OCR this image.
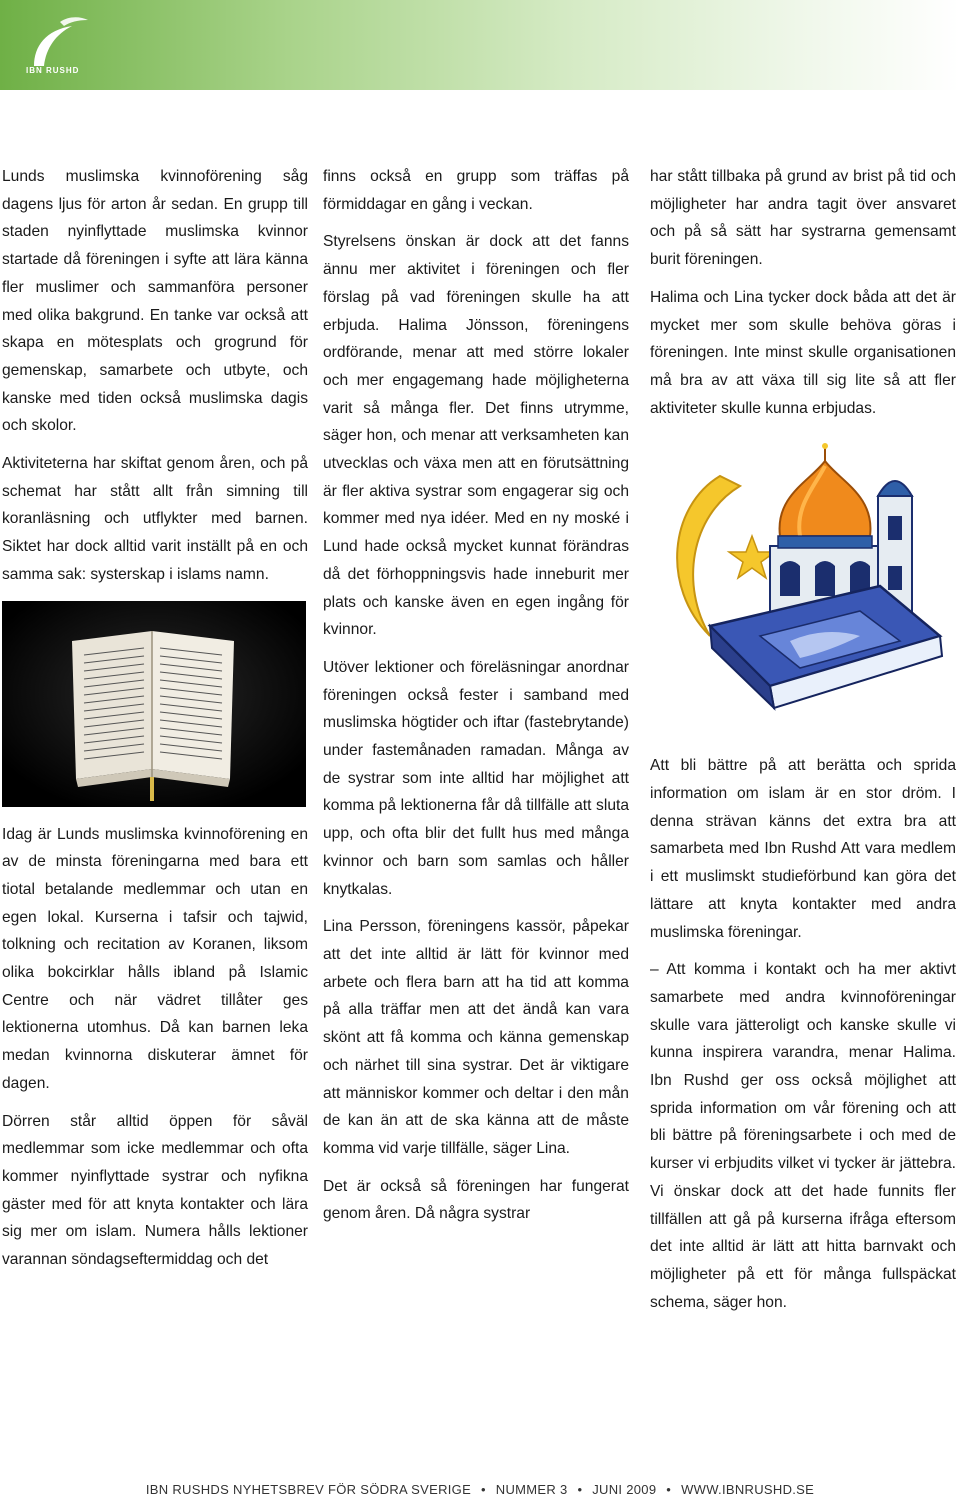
IBN RUSHD

Lunds muslimska kvinnoförening såg dagens ljus för arton år sedan. En grupp till staden nyinflyttade muslimska kvinnor startade då föreningen i syfte att lära känna fler muslimer och sammanföra personer med olika bakgrund. En tanke var också att skapa en mötesplats och grogrund för gemenskap, samarbete och utbyte, och kanske med tiden också muslimska dagis och skolor.

Aktiviteterna har skiftat genom åren, och på schemat har stått allt från simning till koranläsning och utflykter med barnen. Siktet har dock alltid varit inställt på en och samma sak: systerskap i islams namn.

Idag är Lunds muslimska kvinnoförening en av de minsta föreningarna med bara ett tiotal betalande medlemmar och utan en egen lokal. Kurserna i tafsir och tajwid, tolkning och recitation av Koranen, liksom olika bokcirklar hålls ibland på Islamic Centre och när vädret tillåter ges lektionerna utomhus. Då kan barnen leka medan kvinnorna diskuterar ämnet för dagen.

Dörren står alltid öppen för såväl medlemmar som icke medlemmar och ofta kommer nyinflyttade systrar och nyfikna gäster med för att knyta kontakter och lära sig mer om islam. Numera hålls lektioner varannan söndagseftermiddag och det

finns också en grupp som träffas på förmiddagar en gång i veckan.

Styrelsens önskan är dock att det fanns ännu mer aktivitet i föreningen och fler förslag på vad föreningen skulle ha att erbjuda. Halima Jönsson, föreningens ordförande, menar att med större lokaler och mer engagemang hade möjligheterna varit så många fler. Det finns utrymme, säger hon, och menar att verksamheten kan utvecklas och växa men att en förutsättning är fler aktiva systrar som engagerar sig och kommer med nya idéer. Med en ny moské i Lund hade också mycket kunnat förändras då det förhoppningsvis hade inneburit mer plats och kanske även en egen ingång för kvinnor.

Utöver lektioner och föreläsningar anordnar föreningen också fester i samband med muslimska högtider och iftar (fastebrytande) under fastemånaden ramadan. Många av de systrar som inte alltid har möjlighet att komma på lektionerna får då tillfälle att sluta upp, och ofta blir det fullt hus med många kvinnor och barn som samlas och håller knytkalas.

Lina Persson, föreningens kassör, påpekar att det inte alltid är lätt för kvinnor med arbete och flera barn att ha tid att komma på alla träffar men att det ändå kan vara skönt att få komma och känna gemenskap och närhet till sina systrar. Det är viktigare att människor kommer och deltar i den mån de kan än att de ska känna att de måste komma vid varje tillfälle, säger Lina.

Det är också så föreningen har fungerat genom åren. Då några systrar

har stått tillbaka på grund av brist på tid och möjligheter har andra tagit över ansvaret och på så sätt har systrarna gemensamt burit föreningen.

Halima och Lina tycker dock båda att det är mycket mer som skulle behöva göras i föreningen. Inte minst skulle organisationen må bra av att växa till sig lite så att fler aktiviteter skulle kunna erbjudas.

Att bli bättre på att berätta och sprida information om islam är en stor dröm. I denna strävan känns det extra bra att samarbeta med Ibn Rushd Att vara medlem i ett muslimskt studieförbund kan göra det lättare att knyta kontakter med andra muslimska föreningar.

– Att komma i kontakt och ha mer aktivt samarbete med andra kvinnoföreningar skulle vara jätteroligt och kanske skulle vi kunna inspirera varandra, menar Halima. Ibn Rushd ger oss också möjlighet att sprida information om vår förening och att bli bättre på föreningsarbete i och med de kurser vi erbjudits vilket vi tycker är jättebra. Vi önskar dock att det hade funnits fler tillfällen att gå på kurserna ifråga eftersom det inte alltid är lätt att hitta barnvakt och möjligheter på ett för många fullspäckat schema, säger hon.

IBN RUSHDS NYHETSBREV FÖR SÖDRA SVERIGE • NUMMER 3 • JUNI 2009 • WWW.IBNRUSHD.SE
